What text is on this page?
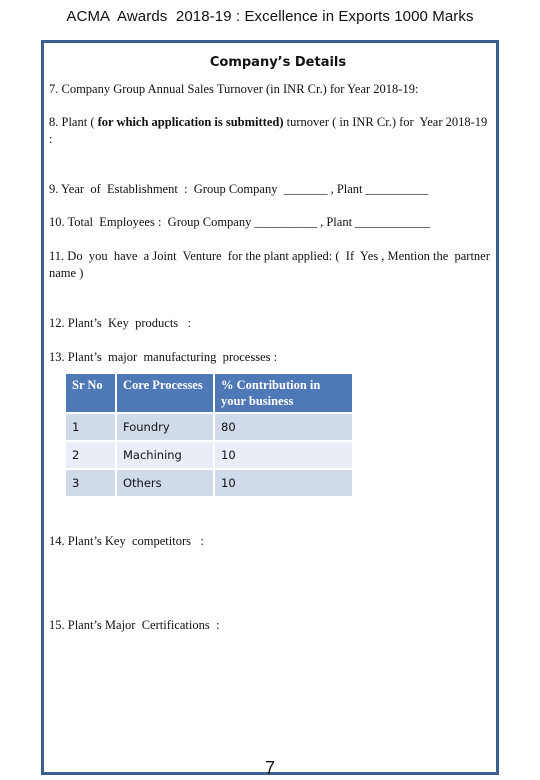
ACMA  Awards  2018-19 : Excellence in Exports 1000 Marks
Company’s Details
7. Company Group Annual Sales Turnover (in INR Cr.) for Year 2018-19:
8. Plant ( for which application is submitted) turnover ( in INR Cr.) for  Year 2018-19 :
9. Year  of  Establishment  :  Group Company  _______ , Plant __________
10. Total  Employees :  Group Company __________ , Plant ____________
11. Do  you  have  a Joint  Venture  for the plant applied: (  If  Yes , Mention the  partner  name )
12. Plant’s  Key  products   :
13. Plant’s  major  manufacturing  processes :
Sr No	Core Processes	% Contribution in your business
1	Foundry	80
2	Machining	10
3	Others	10
14. Plant’s Key  competitors   :
15. Plant’s Major  Certifications  :
7
